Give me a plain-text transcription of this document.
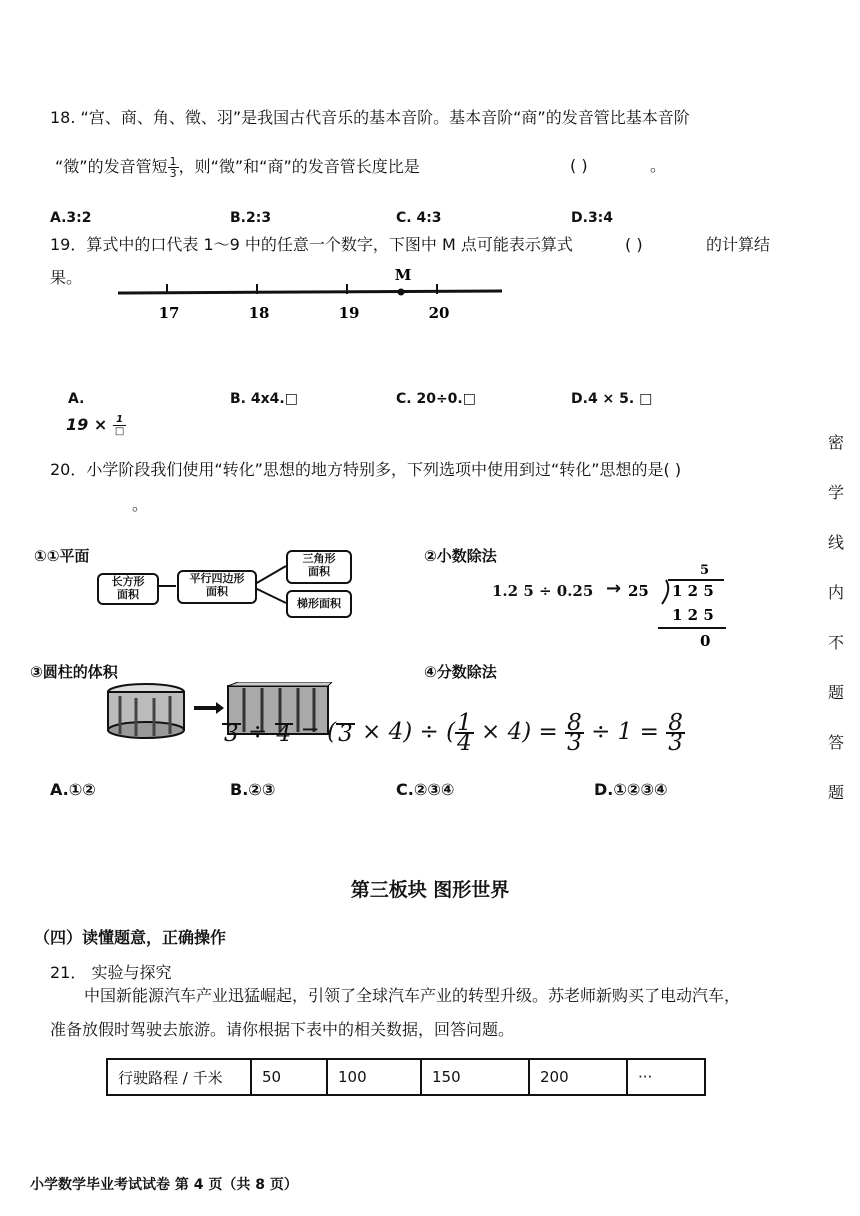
18. “宫、商、角、徵、羽”是我国古代音乐的基本音阶。基本音阶“商”的发音管比基本音阶
“徵”的发音管短 $\frac{1}{3}$ ，则“徵”和“商”的发音管长度比是	( )	。
A.3:2	B.2:3	C. 4:3	D.3:4
19．算式中的口代表 1～9 中的任意一个数字，下图中 M 点可能表示算式	( )	的计算结
果。
17	18	19	20
M
A.	B. 4x4.□	C. 20÷0.□	D.4 × 5. □
$19 \times \frac{1}{□}$
20．小学阶段我们使用“转化”思想的地方特别多，下列选项中使用到过“转化”思想的是( )
。
①①平面
长方形
面积
平行四边形
面积
三角形
面积
梯形面积
②小数除法
1.2 5 ÷ 0.25 → 25
5
1 2 5
1 2 5
0
③圆柱的体积	④分数除法
3 ÷ 4 = ( 3 × 4) ÷ ( $\frac{1}{4} \times 4) = \frac{8}{3} \div 1 = \frac{8}{3}$
A.①②	B.②③	C.②③④	D.①②③④
密
学
线
内
不
题
答
题
第三板块 图形世界
（四）读懂题意，正确操作
21． 实验与探究
中国新能源汽车产业迅猛崛起，引领了全球汽车产业的转型升级。苏老师新购买了电动汽车，
准备放假时驾驶去旅游。请你根据下表中的相关数据，回答问题。
行驶路程 / 千米	50	100	150	200	···
小学数学毕业考试试卷 第 4 页（共 8 页）
